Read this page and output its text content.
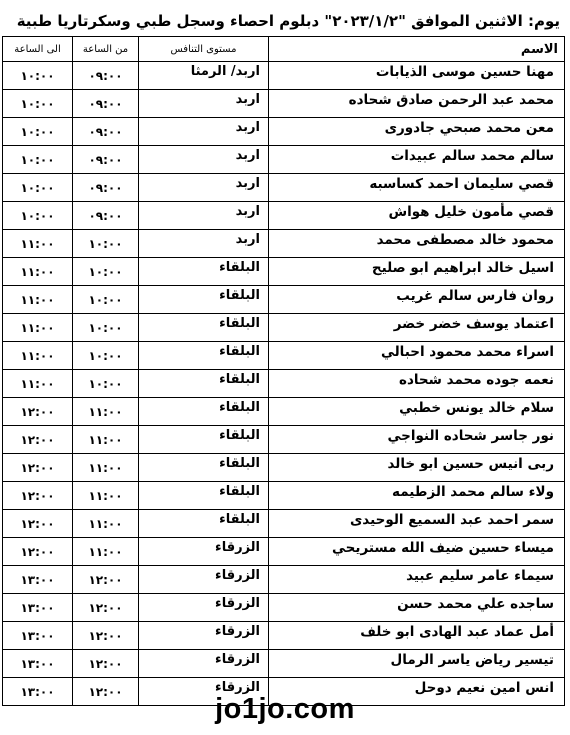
يوم: الاثنين الموافق "٢٠٢٣/١/٢" دبلوم احصاء وسجل طبي وسكرتاريا طبية
الاسم	مستوى التنافس	من الساعة	الى الساعة
مهنا حسين موسى الذيابات	اربد/ الرمثا	٠٩:٠٠	١٠:٠٠
محمد عبد الرحمن صادق شحاده	اربد	٠٩:٠٠	١٠:٠٠
معن محمد صبحي جادورى	اربد	٠٩:٠٠	١٠:٠٠
سالم محمد سالم عبيدات	اربد	٠٩:٠٠	١٠:٠٠
قصي سليمان احمد كساسبه	اربد	٠٩:٠٠	١٠:٠٠
قصي مأمون خليل هواش	اربد	٠٩:٠٠	١٠:٠٠
محمود خالد مصطفى محمد	اربد	١٠:٠٠	١١:٠٠
اسيل خالد ابراهيم ابو صليح	البلقاء	١٠:٠٠	١١:٠٠
روان فارس سالم غريب	البلقاء	١٠:٠٠	١١:٠٠
اعتماد يوسف خضر خضر	البلقاء	١٠:٠٠	١١:٠٠
اسراء محمد محمود احبالي	البلقاء	١٠:٠٠	١١:٠٠
نعمه جوده محمد شحاده	البلقاء	١٠:٠٠	١١:٠٠
سلام خالد يونس خطبي	البلقاء	١١:٠٠	١٢:٠٠
نور جاسر شحاده النواجي	البلقاء	١١:٠٠	١٢:٠٠
ربى انيس حسين ابو خالد	البلقاء	١١:٠٠	١٢:٠٠
ولاء سالم محمد الزطيمه	البلقاء	١١:٠٠	١٢:٠٠
سمر احمد عبد السميع الوحيدى	البلقاء	١١:٠٠	١٢:٠٠
ميساء حسين ضيف الله مستريحي	الزرقاء	١١:٠٠	١٢:٠٠
سيماء عامر سليم عبيد	الزرقاء	١٢:٠٠	١٣:٠٠
ساجده علي محمد حسن	الزرقاء	١٢:٠٠	١٣:٠٠
أمل عماد عبد الهادى ابو خلف	الزرقاء	١٢:٠٠	١٣:٠٠
تيسير رياض ياسر الرمال	الزرقاء	١٢:٠٠	١٣:٠٠
انس امين نعيم دوحل	الزرقاء	١٢:٠٠	١٣:٠٠
jo1jo.com
